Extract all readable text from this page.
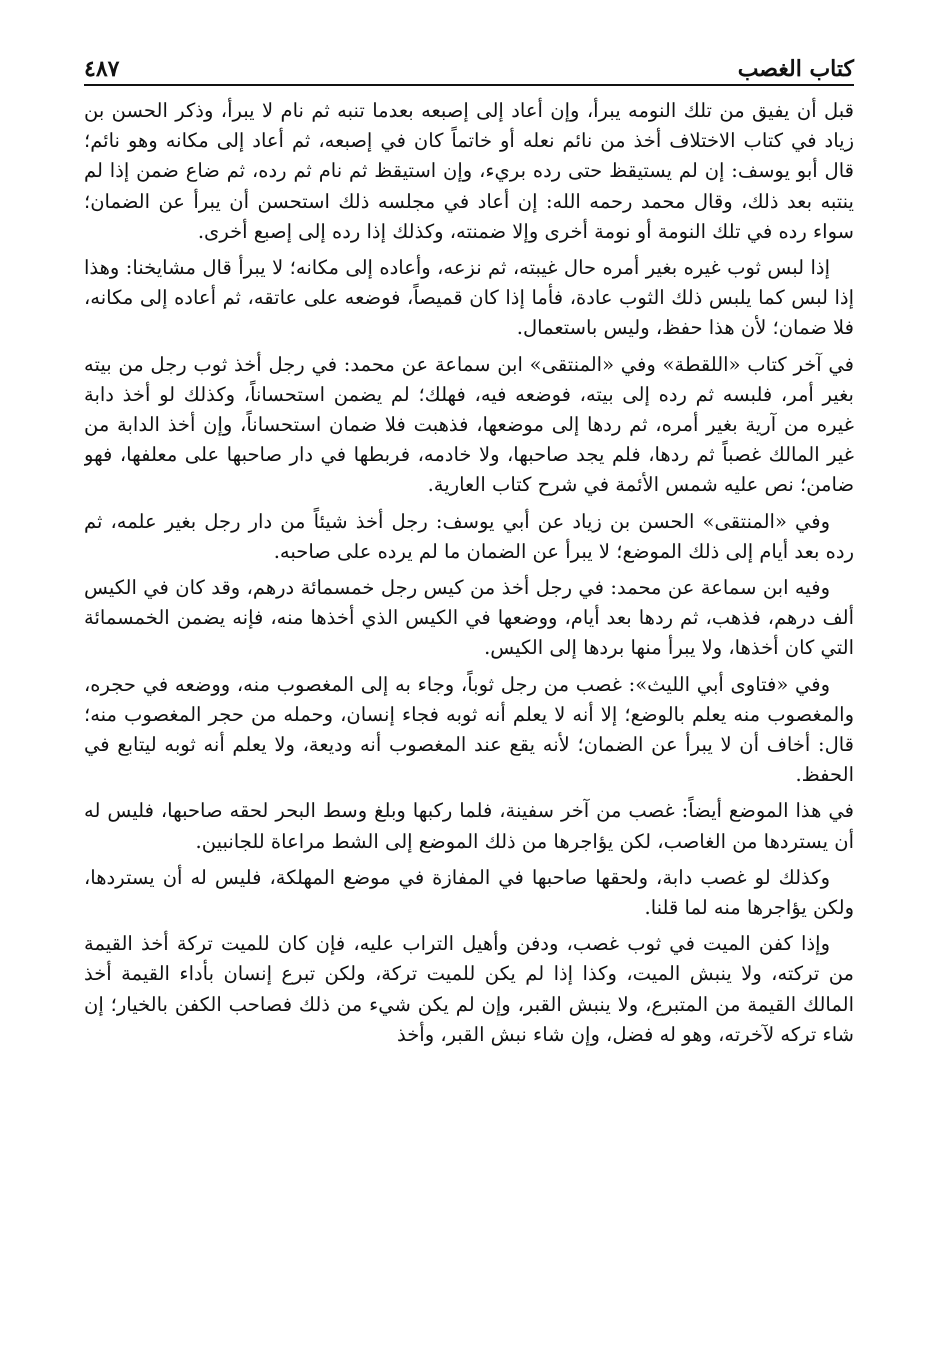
كتاب الغصب
٤٨٧

قبل أن يفيق من تلك النومه يبرأ، وإن أعاد إلى إصبعه بعدما تنبه ثم نام لا يبرأ، وذكر الحسن بن زياد في كتاب الاختلاف أخذ من نائم نعله أو خاتماً كان في إصبعه، ثم أعاد إلى مكانه وهو نائم؛ قال أبو يوسف: إن لم يستيقظ حتى رده بريء، وإن استيقظ ثم نام ثم رده، ثم ضاع ضمن إذا لم ينتبه بعد ذلك، وقال محمد رحمه الله: إن أعاد في مجلسه ذلك استحسن أن يبرأ عن الضمان؛ سواء رده في تلك النومة أو نومة أخرى وإلا ضمنته، وكذلك إذا رده إلى إصبع أخرى.

إذا لبس ثوب غيره بغير أمره حال غيبته، ثم نزعه، وأعاده إلى مكانه؛ لا يبرأ قال مشايخنا: وهذا إذا لبس كما يلبس ذلك الثوب عادة، فأما إذا كان قميصاً، فوضعه على عاتقه، ثم أعاده إلى مكانه، فلا ضمان؛ لأن هذا حفظ، وليس باستعمال.

في آخر كتاب «اللقطة» وفي «المنتقى» ابن سماعة عن محمد: في رجل أخذ ثوب رجل من بيته بغير أمر، فلبسه ثم رده إلى بيته، فوضعه فيه، فهلك؛ لم يضمن استحساناً، وكذلك لو أخذ دابة غيره من آرية بغير أمره، ثم ردها إلى موضعها، فذهبت فلا ضمان استحساناً، وإن أخذ الدابة من غير المالك غصباً ثم ردها، فلم يجد صاحبها، ولا خادمه، فربطها في دار صاحبها على معلفها، فهو ضامن؛ نص عليه شمس الأئمة في شرح كتاب العارية.

وفي «المنتقى» الحسن بن زياد عن أبي يوسف: رجل أخذ شيئاً من دار رجل بغير علمه، ثم رده بعد أيام إلى ذلك الموضع؛ لا يبرأ عن الضمان ما لم يرده على صاحبه.

وفيه ابن سماعة عن محمد: في رجل أخذ من كيس رجل خمسمائة درهم، وقد كان في الكيس ألف درهم، فذهب، ثم ردها بعد أيام، ووضعها في الكيس الذي أخذها منه، فإنه يضمن الخمسمائة التي كان أخذها، ولا يبرأ منها بردها إلى الكيس.

وفي «فتاوى أبي الليث»: غصب من رجل ثوباً، وجاء به إلى المغصوب منه، ووضعه في حجره، والمغصوب منه يعلم بالوضع؛ إلا أنه لا يعلم أنه ثوبه فجاء إنسان، وحمله من حجر المغصوب منه؛ قال: أخاف أن لا يبرأ عن الضمان؛ لأنه يقع عند المغصوب أنه وديعة، ولا يعلم أنه ثوبه ليتابع في الحفظ.

في هذا الموضع أيضاً: غصب من آخر سفينة، فلما ركبها وبلغ وسط البحر لحقه صاحبها، فليس له أن يستردها من الغاصب، لكن يؤاجرها من ذلك الموضع إلى الشط مراعاة للجانبين.

وكذلك لو غصب دابة، ولحقها صاحبها في المفازة في موضع المهلكة، فليس له أن يستردها، ولكن يؤاجرها منه لما قلنا.

وإذا كفن الميت في ثوب غصب، ودفن وأهيل التراب عليه، فإن كان للميت تركة أخذ القيمة من تركته، ولا ينبش الميت، وكذا إذا لم يكن للميت تركة، ولكن تبرع إنسان بأداء القيمة أخذ المالك القيمة من المتبرع، ولا ينبش القبر، وإن لم يكن شيء من ذلك فصاحب الكفن بالخيار؛ إن شاء تركه لآخرته، وهو له فضل، وإن شاء نبش القبر، وأخذ
